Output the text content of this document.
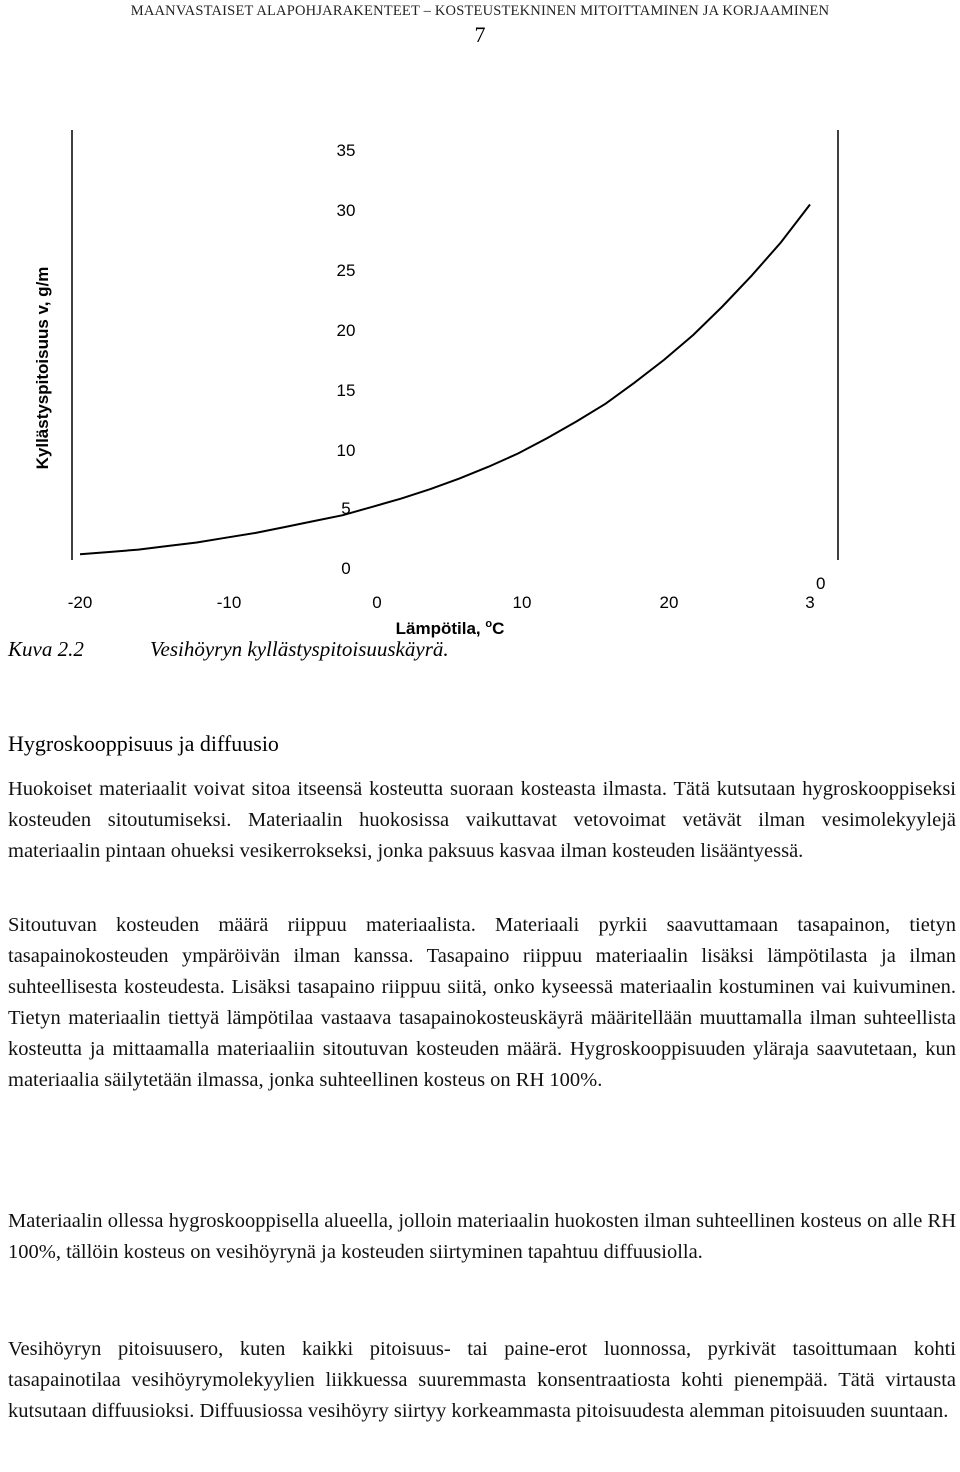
MAANVASTAISET ALAPOHJARAKENTEET – KOSTEUSTEKNINEN MITOITTAMINEN JA KORJAAMINEN
7
Kyllästyspitoisuus v, g/m
0
5
10
15
20
25
30
35
-20	-10	0	10	20	3
0
Lämpötila, $^o$C
Kuva 2.2	Vesihöyryn kyllästyspitoisuuskäyrä.
Hygroskooppisuus ja diffuusio

Huokoiset materiaalit voivat sitoa itseensä kosteutta suoraan kosteasta ilmasta. Tätä kutsutaan hygroskooppiseksi kosteuden sitoutumiseksi. Materiaalin huokosissa vaikuttavat vetovoimat vetävät ilman vesimolekyylejä materiaalin pintaan ohueksi vesikerrokseksi, jonka paksuus kasvaa ilman kosteuden lisääntyessä.

Sitoutuvan kosteuden määrä riippuu materiaalista. Materiaali pyrkii saavuttamaan tasapainon, tietyn tasapainokosteuden ympäröivän ilman kanssa. Tasapaino riippuu materiaalin lisäksi lämpötilasta ja ilman suhteellisesta kosteudesta. Lisäksi tasapaino riippuu siitä, onko kyseessä materiaalin kostuminen vai kuivuminen. Tietyn materiaalin tiettyä lämpötilaa vastaava tasapainokosteuskäyrä määritellään muuttamalla ilman suhteellista kosteutta ja mittaamalla materiaaliin sitoutuvan kosteuden määrä. Hygroskooppisuuden yläraja saavutetaan, kun materiaalia säilytetään ilmassa, jonka suhteellinen kosteus on RH 100%.

Materiaalin ollessa hygroskooppisella alueella, jolloin materiaalin huokosten ilman suhteellinen kosteus on alle RH 100%, tällöin kosteus on vesihöyrynä ja kosteuden siirtyminen tapahtuu diffuusiolla.

Vesihöyryn pitoisuusero, kuten kaikki pitoisuus- tai paine-erot luonnossa, pyrkivät tasoittumaan kohti tasapainotilaa vesihöyrymolekyylien liikkuessa suuremmasta konsentraatiosta kohti pienempää. Tätä virtausta kutsutaan diffuusioksi. Diffuusiossa vesihöyry siirtyy korkeammasta pitoisuudesta alemman pitoisuuden suuntaan.
